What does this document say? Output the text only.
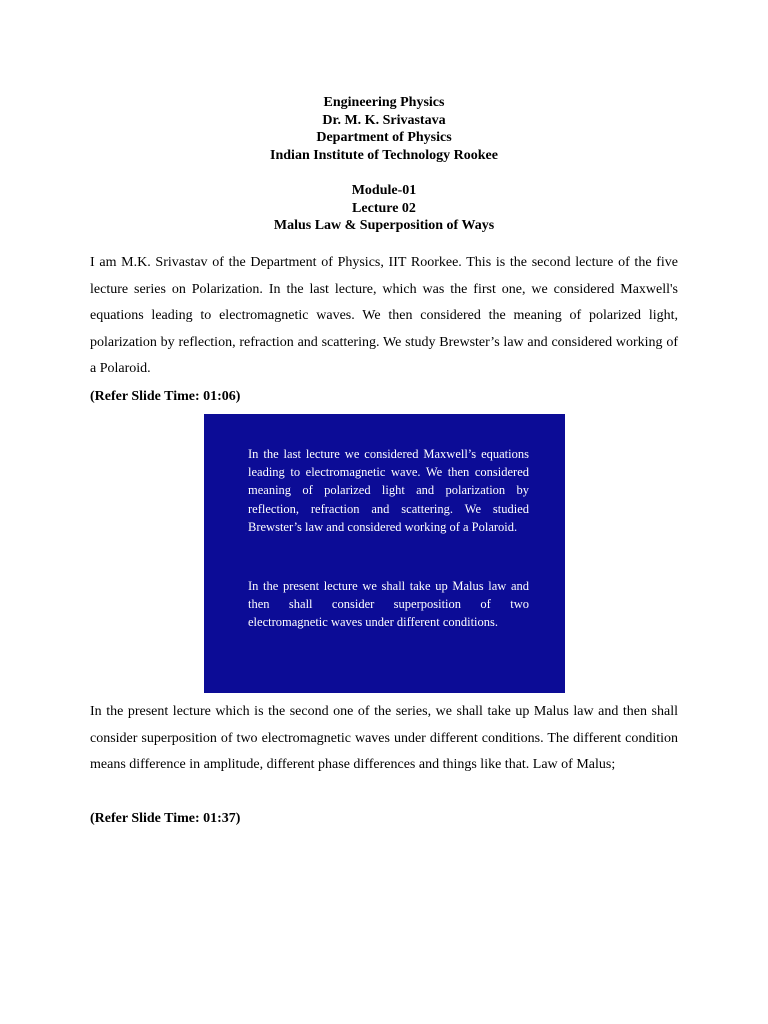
Engineering Physics
Dr. M. K. Srivastava
Department of Physics
Indian Institute of Technology Rookee
Module-01
Lecture 02
Malus Law & Superposition of Ways

I am M.K. Srivastav of the Department of Physics, IIT Roorkee. This is the second lecture of the five lecture series on Polarization. In the last lecture, which was the first one, we considered Maxwell's equations leading to electromagnetic waves. We then considered the meaning of polarized light, polarization by reflection, refraction and scattering. We study Brewster’s law and considered working of a Polaroid.

(Refer Slide Time: 01:06)

In the last lecture we considered Maxwell’s equations leading to electromagnetic wave. We then considered meaning of polarized light and polarization by reflection, refraction and scattering. We studied Brewster’s law and considered working of a Polaroid.

In the present lecture we shall take up Malus law and then shall consider superposition of two electromagnetic waves under different conditions.

In the present lecture which is the second one of the series, we shall take up Malus law and then shall consider superposition of two electromagnetic waves under different conditions. The different condition means difference in amplitude, different phase differences and things like that. Law of Malus;

(Refer Slide Time: 01:37)
